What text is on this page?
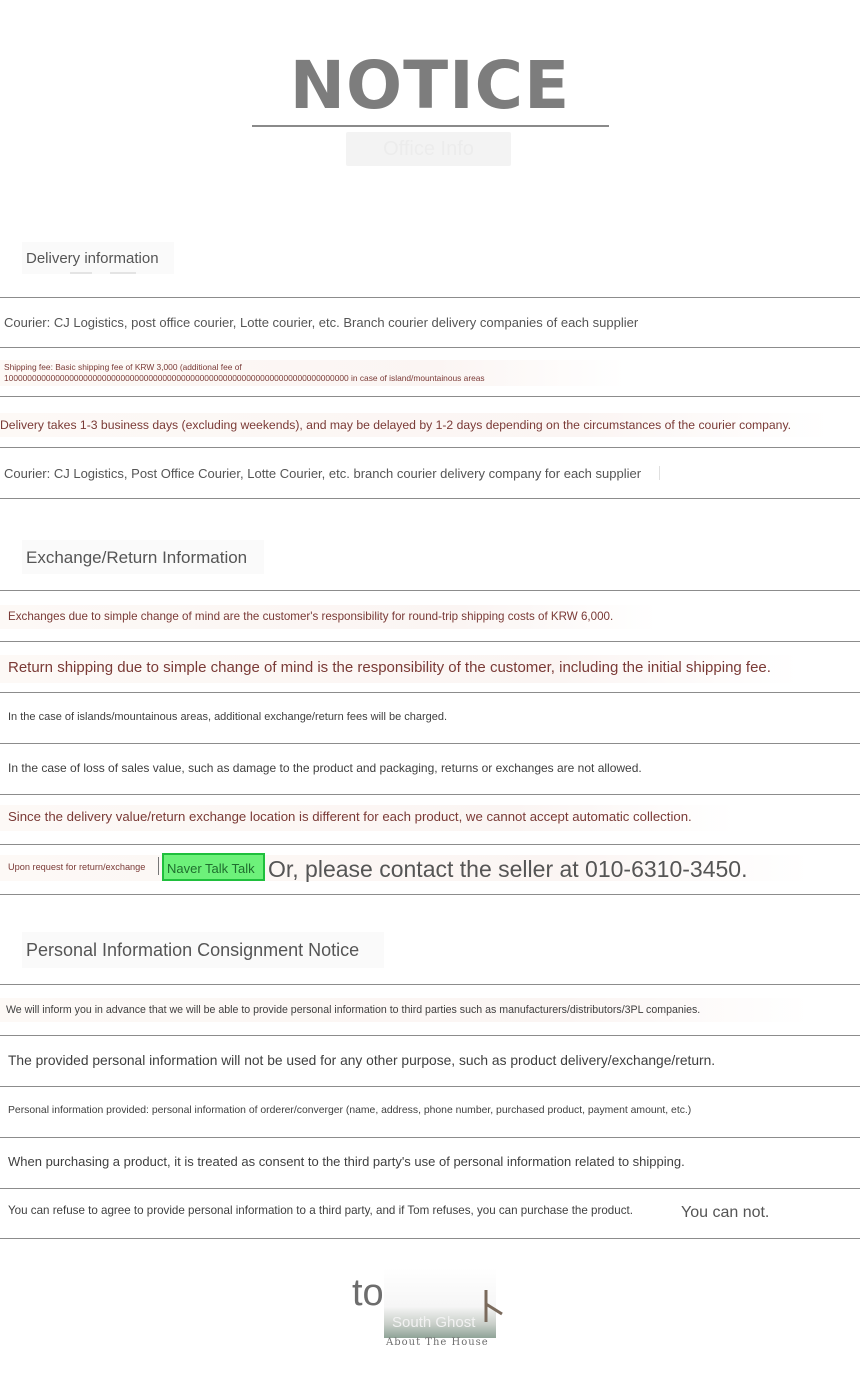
NOTICE
Office Info
Delivery information
Courier: CJ Logistics, post office courier, Lotte courier, etc. Branch courier delivery companies of each supplier
Shipping fee: Basic shipping fee of KRW 3,000 (additional fee of
10000000000000000000000000000000000000000000000000000000000000000000000000 in case of island/mountainous areas
Delivery takes 1-3 business days (excluding weekends), and may be delayed by 1-2 days depending on the circumstances of the courier company.
Courier: CJ Logistics, Post Office Courier, Lotte Courier, etc. branch courier delivery company for each supplier
Exchange/Return Information
Exchanges due to simple change of mind are the customer's responsibility for round-trip shipping costs of KRW 6,000.
Return shipping due to simple change of mind is the responsibility of the customer, including the initial shipping fee.
In the case of islands/mountainous areas, additional exchange/return fees will be charged.
In the case of loss of sales value, such as damage to the product and packaging, returns or exchanges are not allowed.
Since the delivery value/return exchange location is different for each product, we cannot accept automatic collection.
Upon request for return/exchange	Naver Talk Talk Or, please contact the seller at 010-6310-3450.
Personal Information Consignment Notice
We will inform you in advance that we will be able to provide personal information to third parties such as manufacturers/distributors/3PL companies.
The provided personal information will not be used for any other purpose, such as product delivery/exchange/return.
Personal information provided: personal information of orderer/converger (name, address, phone number, purchased product, payment amount, etc.)
When purchasing a product, it is treated as consent to the third party's use of personal information related to shipping.
You can refuse to agree to provide personal information to a third party, and if Tom refuses, you can purchase the product.	You can not.
to
South Ghost
About The House
